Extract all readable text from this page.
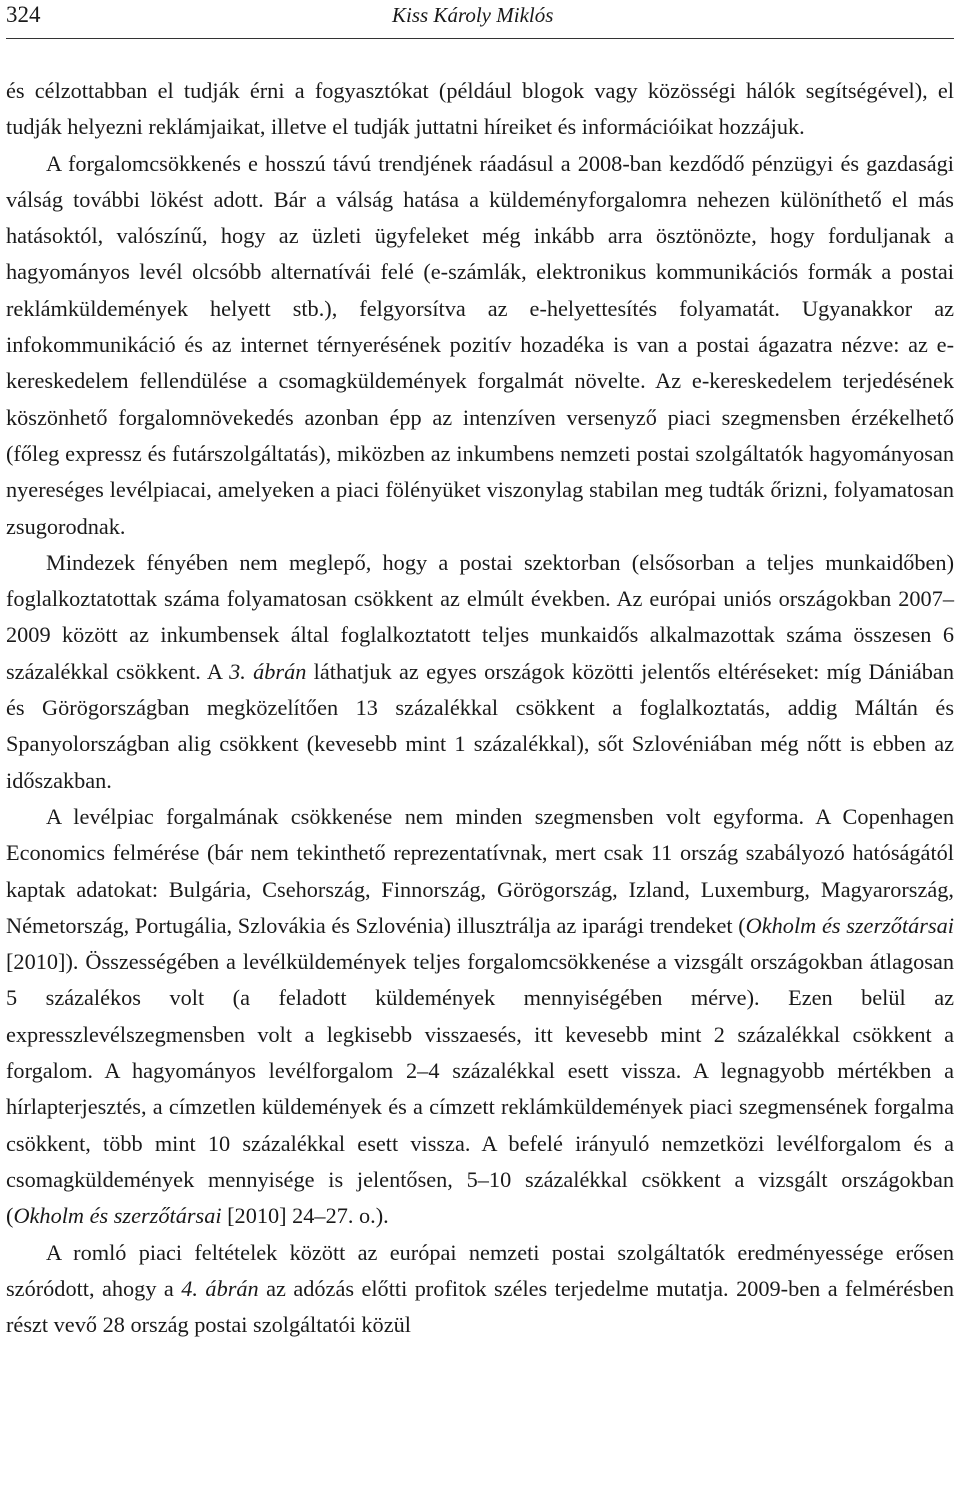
324	Kiss Károly Miklós

és célzottabban el tudják érni a fogyasztókat (például blogok vagy közösségi hálók segítségével), el tudják helyezni reklámjaikat, illetve el tudják juttatni híreiket és információikat hozzájuk.

A forgalomcsökkenés e hosszú távú trendjének ráadásul a 2008-ban kezdődő pénzügyi és gazdasági válság további lökést adott. Bár a válság hatása a küldeményforgalomra nehezen különíthető el más hatásoktól, valószínű, hogy az üzleti ügyfeleket még inkább arra ösztönözte, hogy forduljanak a hagyományos levél olcsóbb alternatívái felé (e-számlák, elektronikus kommunikációs formák a postai reklámküldemények helyett stb.), felgyorsítva az e-helyettesítés folyamatát. Ugyanakkor az infokommunikáció és az internet térnyerésének pozitív hozadéka is van a postai ágazatra nézve: az e-kereskedelem fellendülése a csomagküldemények forgalmát növelte. Az e-kereskedelem terjedésének köszönhető forgalomnövekedés azonban épp az intenzíven versenyző piaci szegmensben érzékelhető (főleg expressz és futárszolgáltatás), miközben az inkumbens nemzeti postai szolgáltatók hagyományosan nyereséges levélpiacai, amelyeken a piaci fölényüket viszonylag stabilan meg tudták őrizni, folyamatosan zsugorodnak.

Mindezek fényében nem meglepő, hogy a postai szektorban (elsősorban a teljes munkaidőben) foglalkoztatottak száma folyamatosan csökkent az elmúlt években. Az európai uniós országokban 2007–2009 között az inkumbensek által foglalkoztatott teljes munkaidős alkalmazottak száma összesen 6 százalékkal csökkent. A 3. ábrán láthatjuk az egyes országok közötti jelentős eltéréseket: míg Dániában és Görögországban megközelítően 13 százalékkal csökkent a foglalkoztatás, addig Máltán és Spanyolországban alig csökkent (kevesebb mint 1 százalékkal), sőt Szlovéniában még nőtt is ebben az időszakban.

A levélpiac forgalmának csökkenése nem minden szegmensben volt egyforma. A Copenhagen Economics felmérése (bár nem tekinthető reprezentatívnak, mert csak 11 ország szabályozó hatóságától kaptak adatokat: Bulgária, Csehország, Finnország, Görögország, Izland, Luxemburg, Magyarország, Németország, Portugália, Szlovákia és Szlovénia) illusztrálja az iparági trendeket (Okholm és szerzőtársai [2010]). Összességében a levélküldemények teljes forgalomcsökkenése a vizsgált országokban átlagosan 5 százalékos volt (a feladott küldemények mennyiségében mérve). Ezen belül az expresszlevélszegmensben volt a legkisebb visszaesés, itt kevesebb mint 2 százalékkal csökkent a forgalom. A hagyományos levélforgalom 2–4 százalékkal esett vissza. A legnagyobb mértékben a hírlapterjesztés, a címzetlen küldemények és a címzett reklámküldemények piaci szegmensének forgalma csökkent, több mint 10 százalékkal esett vissza. A befelé irányuló nemzetközi levélforgalom és a csomagküldemények mennyisége is jelentősen, 5–10 százalékkal csökkent a vizsgált országokban (Okholm és szerzőtársai [2010] 24–27. o.).

A romló piaci feltételek között az európai nemzeti postai szolgáltatók eredményessége erősen szóródott, ahogy a 4. ábrán az adózás előtti profitok széles terjedelme mutatja. 2009-ben a felmérésben részt vevő 28 ország postai szolgáltatói közül
